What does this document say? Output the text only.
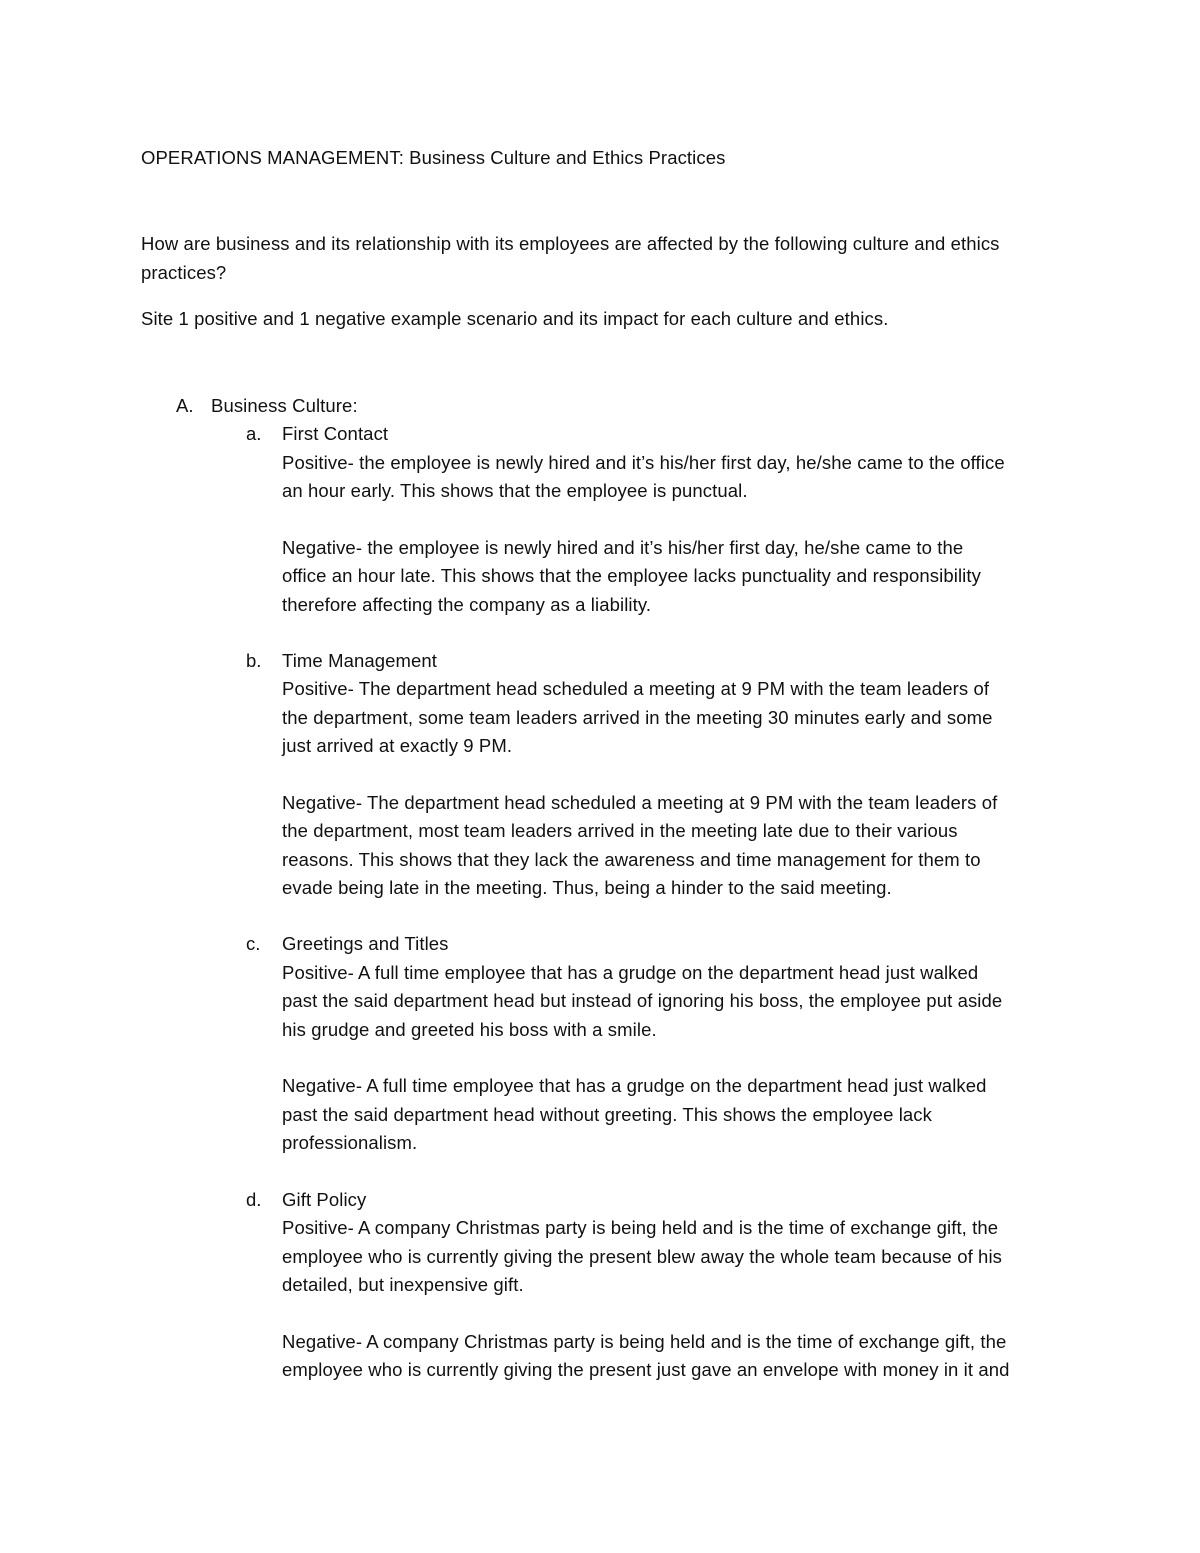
OPERATIONS MANAGEMENT: Business Culture and Ethics Practices
How are business and its relationship with its employees are affected by the following culture and ethics
practices?
Site 1 positive and 1 negative example scenario and its impact for each culture and ethics.
A. Business Culture:
a. First Contact
Positive- the employee is newly hired and it’s his/her first day, he/she came to the office
an hour early. This shows that the employee is punctual.
Negative- the employee is newly hired and it’s his/her first day, he/she came to the
office an hour late. This shows that the employee lacks punctuality and responsibility
therefore affecting the company as a liability.
b. Time Management
Positive- The department head scheduled a meeting at 9 PM with the team leaders of
the department, some team leaders arrived in the meeting 30 minutes early and some
just arrived at exactly 9 PM.
Negative- The department head scheduled a meeting at 9 PM with the team leaders of
the department, most team leaders arrived in the meeting late due to their various
reasons. This shows that they lack the awareness and time management for them to
evade being late in the meeting. Thus, being a hinder to the said meeting.
c. Greetings and Titles
Positive- A full time employee that has a grudge on the department head just walked
past the said department head but instead of ignoring his boss, the employee put aside
his grudge and greeted his boss with a smile.
Negative- A full time employee that has a grudge on the department head just walked
past the said department head without greeting. This shows the employee lack
professionalism.
d. Gift Policy
Positive- A company Christmas party is being held and is the time of exchange gift, the
employee who is currently giving the present blew away the whole team because of his
detailed, but inexpensive gift.
Negative- A company Christmas party is being held and is the time of exchange gift, the
employee who is currently giving the present just gave an envelope with money in it and
